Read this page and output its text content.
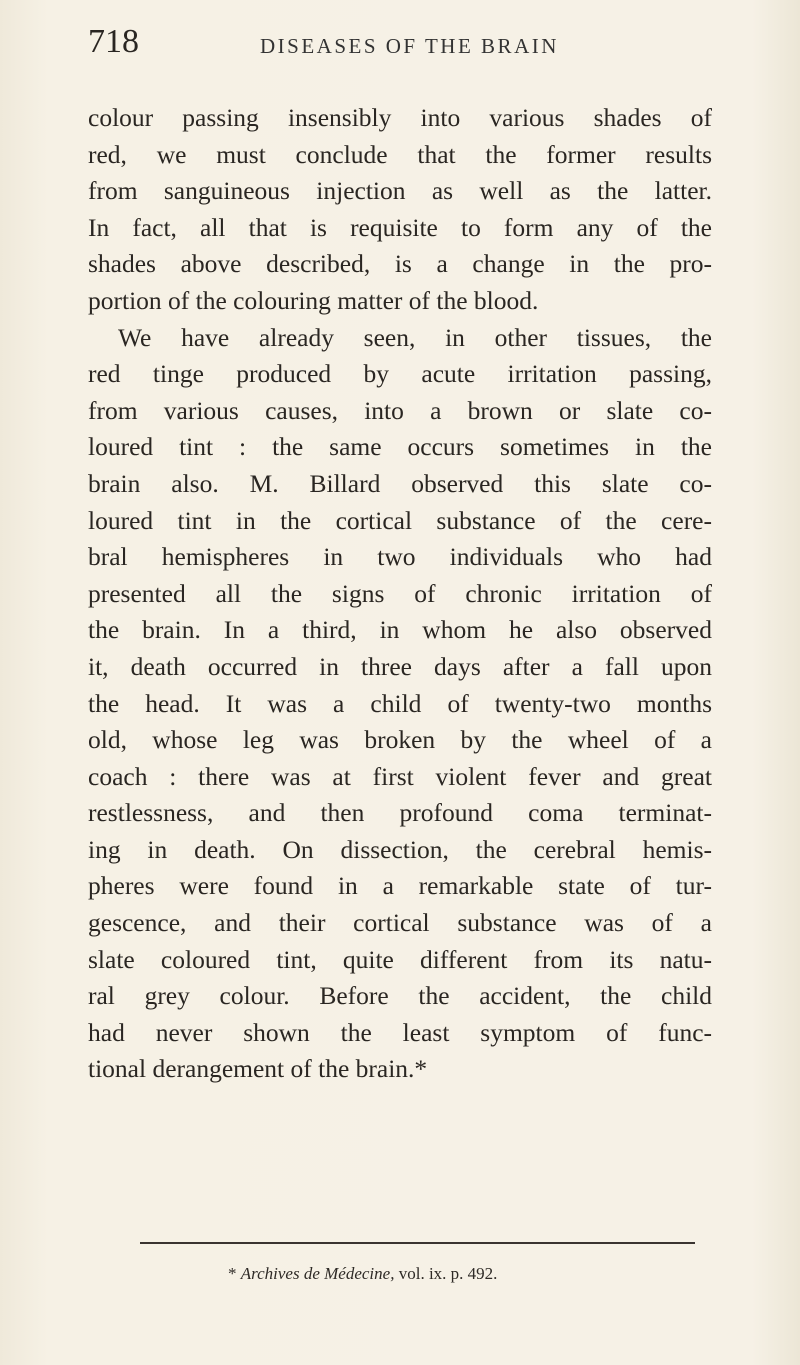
718	DISEASES OF THE BRAIN
colour passing insensibly into various shades of
red, we must conclude that the former results
from sanguineous injection as well as the latter.
In fact, all that is requisite to form any of the
shades above described, is a change in the pro-
portion of the colouring matter of the blood.
We have already seen, in other tissues, the
red tinge produced by acute irritation passing,
from various causes, into a brown or slate co-
loured tint : the same occurs sometimes in the
brain also. M. Billard observed this slate co-
loured tint in the cortical substance of the cere-
bral hemispheres in two individuals who had
presented all the signs of chronic irritation of
the brain. In a third, in whom he also observed
it, death occurred in three days after a fall upon
the head. It was a child of twenty-two months
old, whose leg was broken by the wheel of a
coach : there was at first violent fever and great
restlessness, and then profound coma terminat-
ing in death. On dissection, the cerebral hemis-
pheres were found in a remarkable state of tur-
gescence, and their cortical substance was of a
slate coloured tint, quite different from its natu-
ral grey colour. Before the accident, the child
had never shown the least symptom of func-
tional derangement of the brain.*
* Archives de Médecine, vol. ix. p. 492.
